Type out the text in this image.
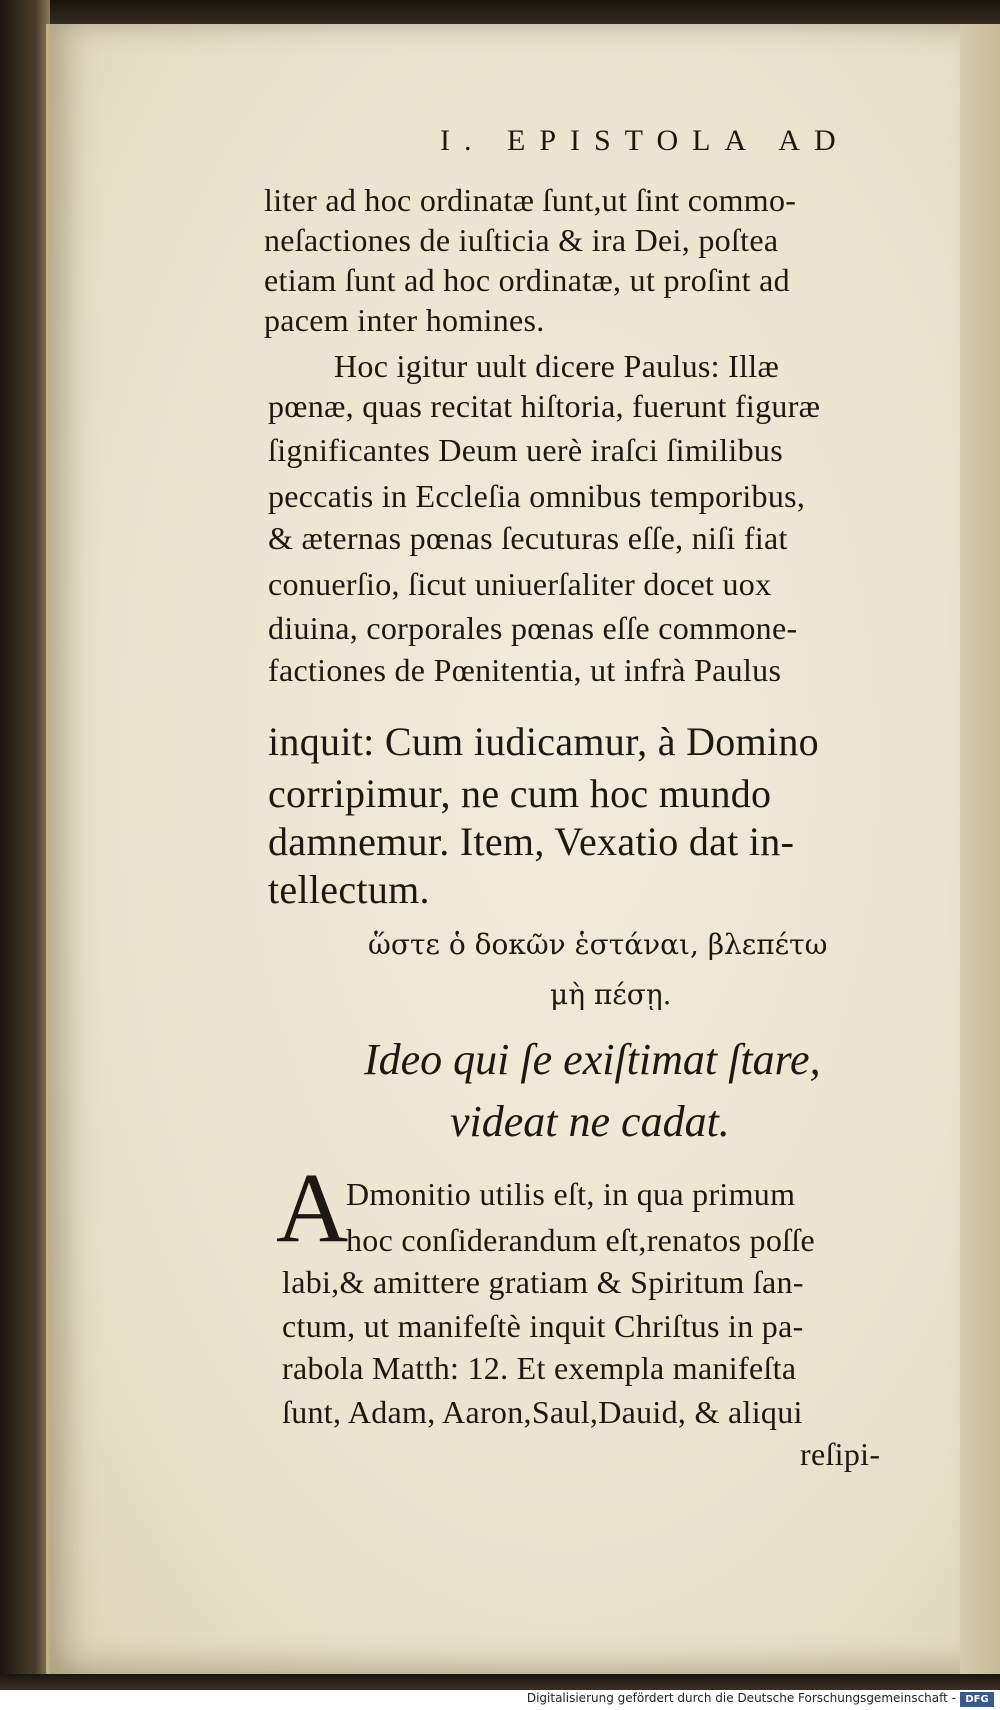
I. EPISTOLA AD
liter ad hoc ordinatæ ſunt,ut ſint commo-
neſactiones de iuſticia & ira Dei, poſtea
etiam ſunt ad hoc ordinatæ, ut proſint ad
pacem inter homines.
Hoc igitur uult dicere Paulus: Illæ
pœnæ, quas recitat hiſtoria, fuerunt figuræ
ſignificantes Deum uerè iraſci ſimilibus
peccatis in Eccleſia omnibus temporibus,
& æternas pœnas ſecuturas eſſe, niſi fiat
conuerſio, ſicut uniuerſaliter docet uox
diuina, corporales pœnas eſſe commone-
factiones de Pœnitentia, ut infrà Paulus
inquit: Cum iudicamur, à Domino
corripimur, ne cum hoc mundo
damnemur. Item, Vexatio dat in-
tellectum.
ὥστε ὁ δοκῶν ἑστάναι, βλεπέτω
μὴ πέσῃ.
Ideo qui ſe exiſtimat ſtare,
videat ne cadat.
A
Dmonitio utilis eſt, in qua primum
hoc conſiderandum eſt,renatos poſſe
labi,& amittere gratiam & Spiritum ſan-
ctum, ut manifeſtè inquit Chriſtus in pa-
rabola Matth: 12. Et exempla manifeſta
ſunt, Adam, Aaron,Saul,Dauid, & aliqui
reſipi-
Digitalisierung gefördert durch die Deutsche Forschungsgemeinschaft - DFG
